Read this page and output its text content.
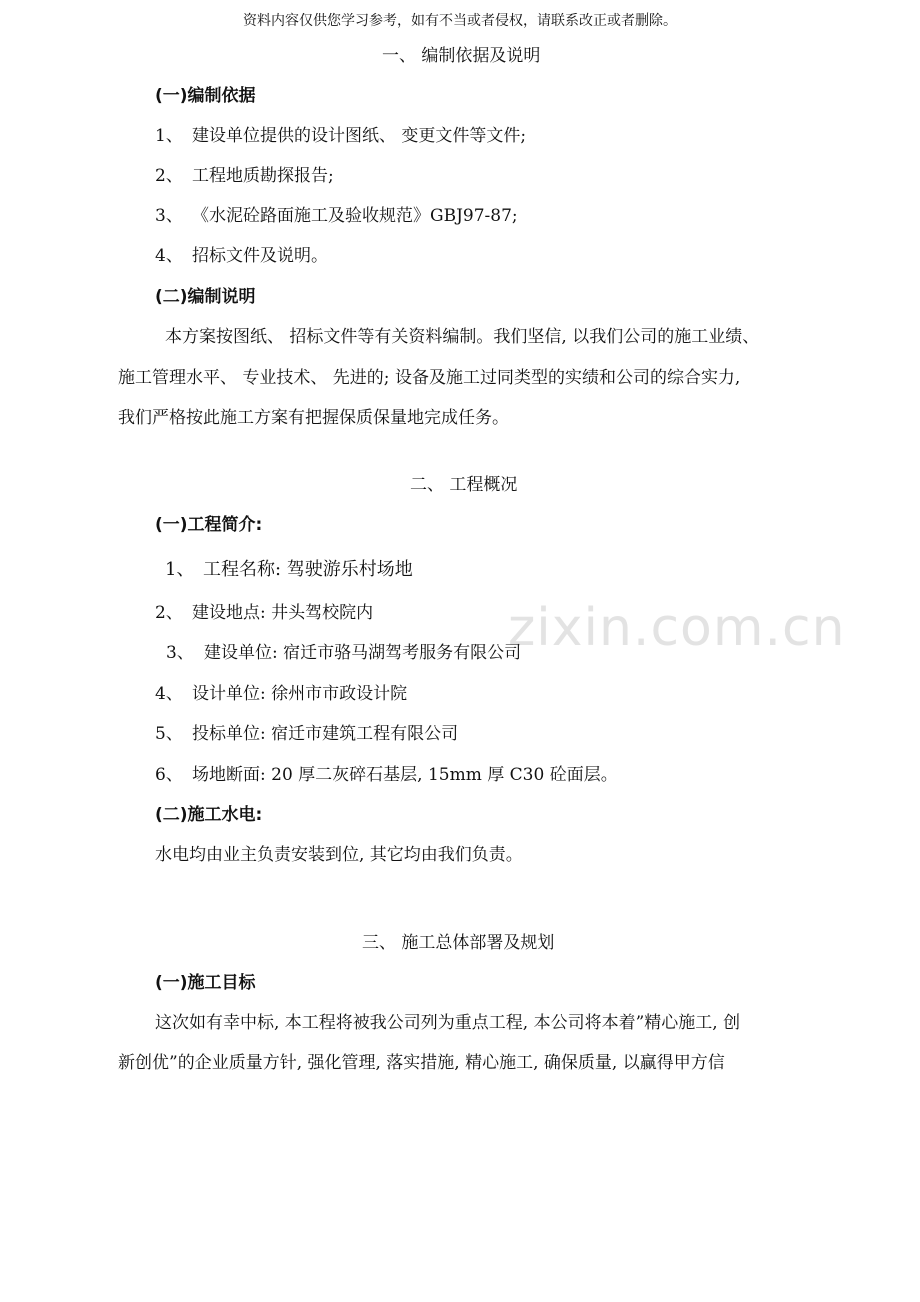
资料内容仅供您学习参考，如有不当或者侵权，请联系改正或者删除。
zixin.com.cn
一、 编制依据及说明
(一)编制依据
1、 建设单位提供的设计图纸、 变更文件等文件;
2、 工程地质勘探报告;
3、 《水泥砼路面施工及验收规范》GBJ97-87;
4、 招标文件及说明。
(二)编制说明
本方案按图纸、 招标文件等有关资料编制。我们坚信, 以我们公司的施工业绩、
施工管理水平、 专业技术、 先进的; 设备及施工过同类型的实绩和公司的综合实力,
我们严格按此施工方案有把握保质保量地完成任务。
二、 工程概况
(一)工程简介:
1、 工程名称: 驾驶游乐村场地
2、 建设地点: 井头驾校院内
3、 建设单位: 宿迁市骆马湖驾考服务有限公司
4、 设计单位: 徐州市市政设计院
5、 投标单位: 宿迁市建筑工程有限公司
6、 场地断面: 20 厚二灰碎石基层, 15mm 厚 C30 砼面层。
(二)施工水电:
水电均由业主负责安装到位, 其它均由我们负责。
三、 施工总体部署及规划
(一)施工目标
这次如有幸中标, 本工程将被我公司列为重点工程, 本公司将本着”精心施工, 创
新创优”的企业质量方针, 强化管理, 落实措施, 精心施工, 确保质量, 以赢得甲方信
